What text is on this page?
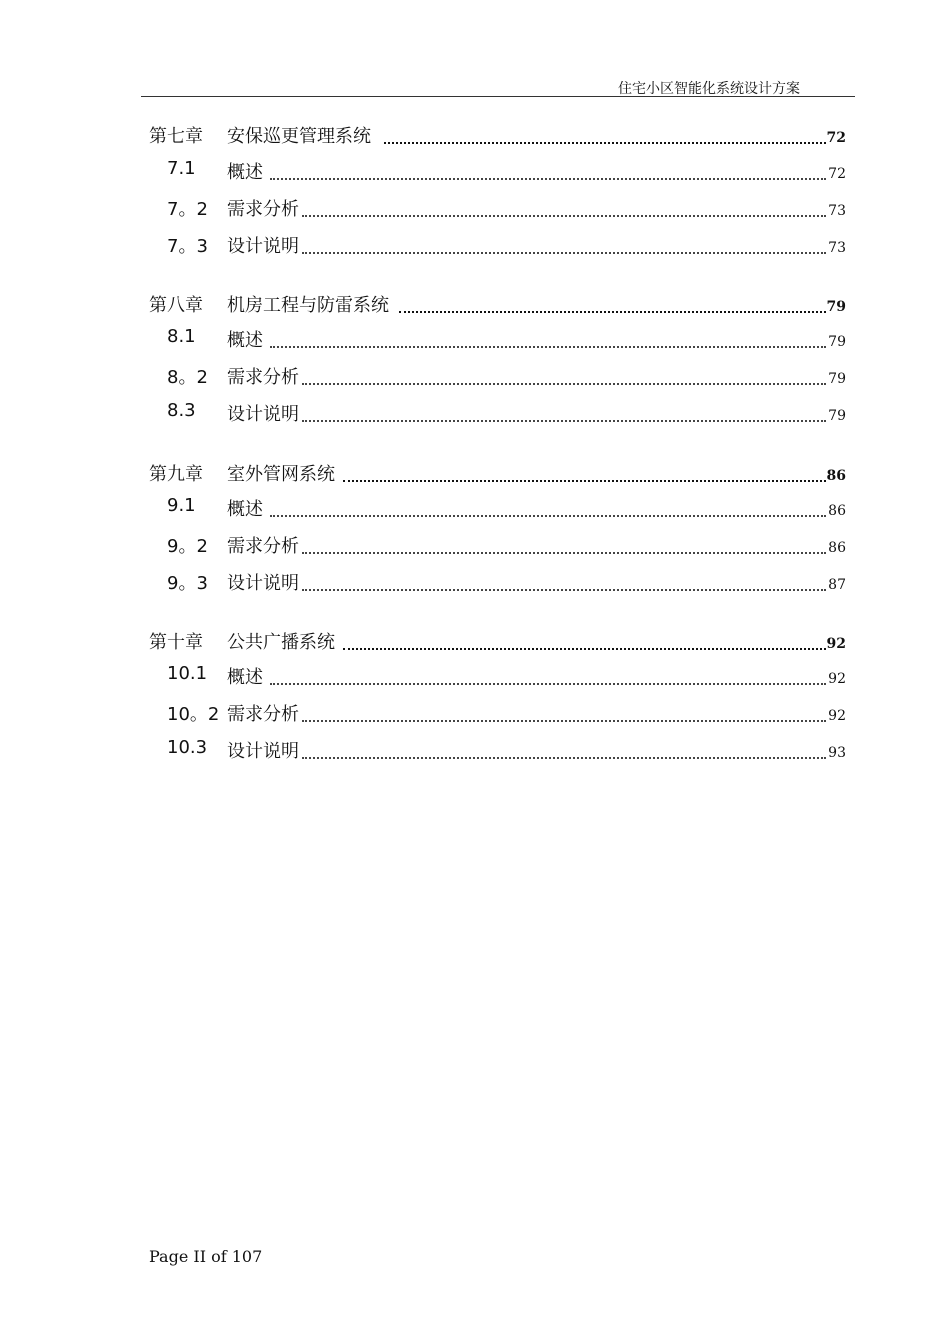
住宅小区智能化系统设计方案
第七章 安保巡更管理系统	72
7.1 概述	72
7。2 需求分析	73
7。3 设计说明	73
第八章 机房工程与防雷系统	79
8.1 概述	79
8。2 需求分析	79
8.3 设计说明	79
第九章 室外管网系统	86
9.1 概述	86
9。2 需求分析	86
9。3 设计说明	87
第十章 公共广播系统	92
10.1 概述	92
10。2 需求分析	92
10.3 设计说明	93
Page II of 107
